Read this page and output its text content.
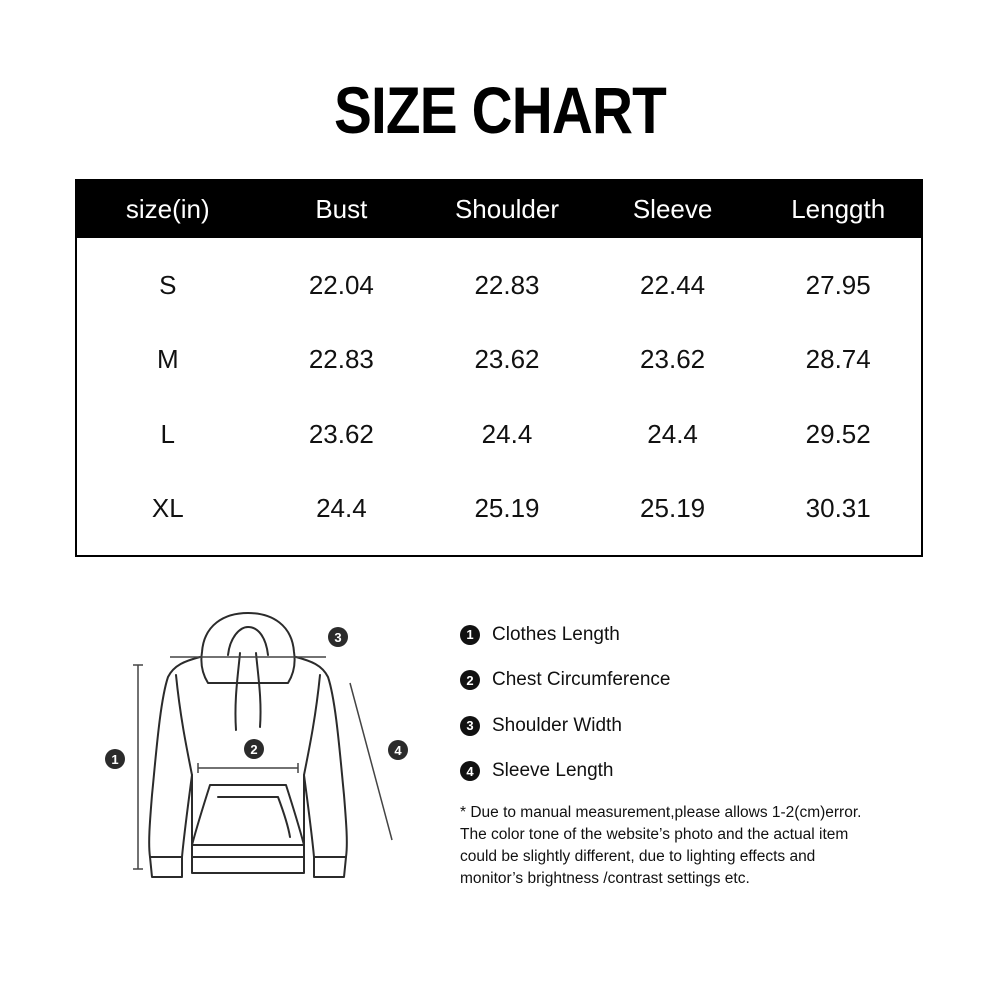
SIZE CHART
size(in)	Bust	Shoulder	Sleeve	Lenggth
S	22.04	22.83	22.44	27.95
M	22.83	23.62	23.62	28.74
L	23.62	24.4	24.4	29.52
XL	24.4	25.19	25.19	30.31
1
2
3
4
1 Clothes Length
2 Chest Circumference
3 Shoulder Width
4 Sleeve Length
* Due to manual measurement,please allows 1-2(cm)error.
The color tone of the website’s photo and the actual item
could be slightly different, due to lighting effects and
monitor’s brightness /contrast settings etc.
